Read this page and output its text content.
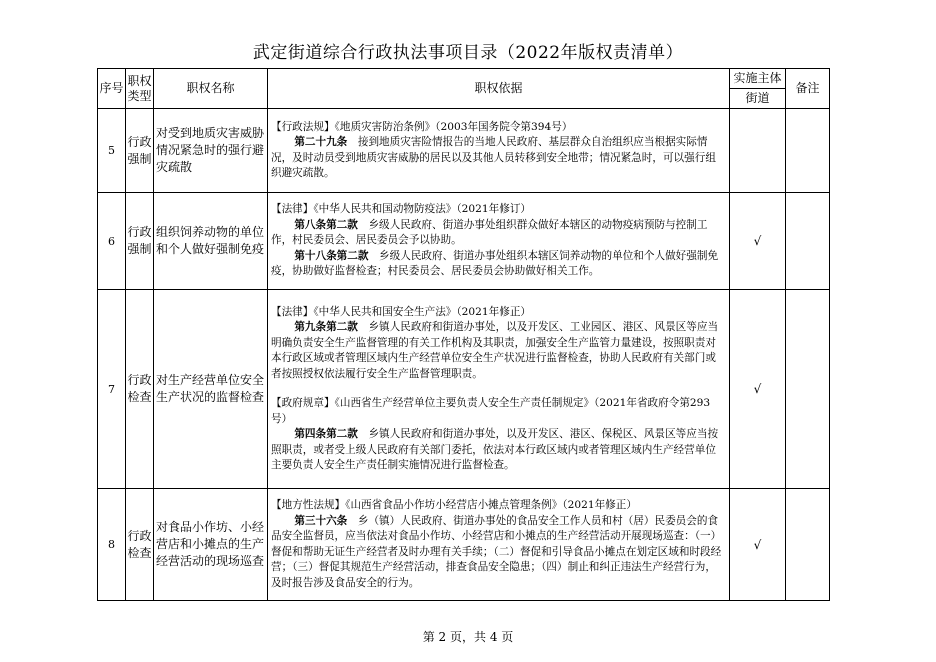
武定街道综合行政执法事项目录（2022年版权责清单）
序号	职权类型	职权名称	职权依据	实施主体	备注
				街道	
5	行政强制	对受到地质灾害威胁情况紧急时的强行避灾疏散	【行政法规】《地质灾害防治条例》（2003年国务院令第394号）

第二十九条　接到地质灾害险情报告的当地人民政府、基层群众自治组织应当根据实际情况，及时动员受到地质灾害威胁的居民以及其他人员转移到安全地带；情况紧急时，可以强行组织避灾疏散。		

6	行政强制	组织饲养动物的单位和个人做好强制免疫	【法律】《中华人民共和国动物防疫法》（2021年修订）

第八条第二款　乡级人民政府、街道办事处组织群众做好本辖区的动物疫病预防与控制工作，村民委员会、居民委员会予以协助。

第十八条第二款　乡级人民政府、街道办事处组织本辖区饲养动物的单位和个人做好强制免疫，协助做好监督检查；村民委员会、居民委员会协助做好相关工作。	√	
7	行政检查	对生产经营单位安全生产状况的监督检查	【法律】《中华人民共和国安全生产法》（2021年修正）

第九条第二款　乡镇人民政府和街道办事处，以及开发区、工业园区、港区、风景区等应当明确负责安全生产监督管理的有关工作机构及其职责，加强安全生产监管力量建设，按照职责对本行政区域或者管理区域内生产经营单位安全生产状况进行监督检查，协助人民政府有关部门或者按照授权依法履行安全生产监督管理职责。

【政府规章】《山西省生产经营单位主要负责人安全生产责任制规定》（2021年省政府令第293号）

第四条第二款　乡镇人民政府和街道办事处，以及开发区、港区、保税区、风景区等应当按照职责，或者受上级人民政府有关部门委托，依法对本行政区域内或者管理区域内生产经营单位主要负责人安全生产责任制实施情况进行监督检查。	√	
8	行政检查	对食品小作坊、小经营店和小摊点的生产经营活动的现场巡查	【地方性法规】《山西省食品小作坊小经营店小摊点管理条例》（2021年修正）

第三十六条　乡（镇）人民政府、街道办事处的食品安全工作人员和村（居）民委员会的食品安全监督员，应当依法对食品小作坊、小经营店和小摊点的生产经营活动开展现场巡查：（一）督促和帮助无证生产经营者及时办理有关手续；（二）督促和引导食品小摊点在划定区域和时段经营；（三）督促其规范生产经营活动，排查食品安全隐患；（四）制止和纠正违法生产经营行为，及时报告涉及食品安全的行为。	√	
第 2 页，共 4 页
